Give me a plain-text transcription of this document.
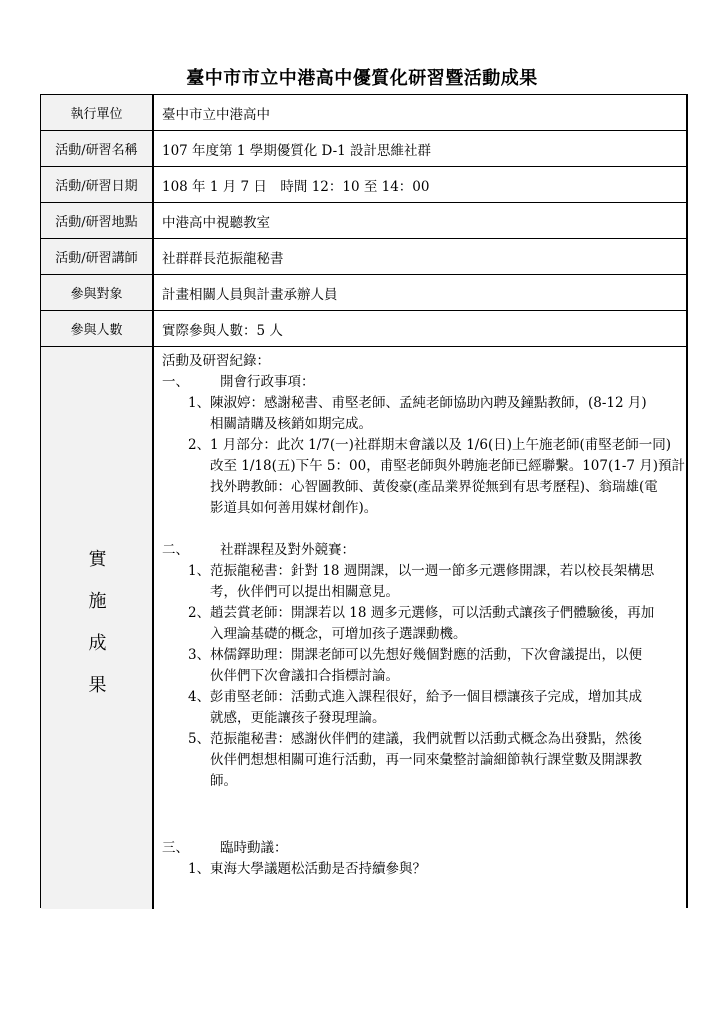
臺中市市立中港高中優質化研習暨活動成果
執行單位	臺中市立中港高中
活動/研習名稱	107 年度第 1 學期優質化 D-1 設計思維社群
活動/研習日期	108 年 1 月 7 日　時間 12：10 至 14：00
活動/研習地點	中港高中視聽教室
活動/研習講師	社群群長范振龍秘書
參與對象	計畫相關人員與計畫承辦人員
參與人數	實際參與人數：5 人
實
施
成
果
活動及研習紀錄：
一、 開會行政事項：
1、 陳淑婷：感謝秘書、甫堅老師、孟純老師協助內聘及鐘點教師，(8-12 月)
相關請購及核銷如期完成。
2、 1 月部分：此次 1/7(一)社群期末會議以及 1/6(日)上午施老師(甫堅老師一同)
改至 1/18(五)下午 5：00，甫堅老師與外聘施老師已經聯繫。107(1-7 月)預計
找外聘教師：心智圖教師、黃俊豪(產品業界從無到有思考歷程)、翁瑞雄(電
影道具如何善用媒材創作)。
二、 社群課程及對外競賽：
1、 范振龍秘書：針對 18 週開課，以一週一節多元選修開課，若以校長架構思
考，伙伴們可以提出相關意見。
2、 趙芸賞老師：開課若以 18 週多元選修，可以活動式讓孩子們體驗後，再加
入理論基礎的概念，可增加孩子選課動機。
3、 林儒鐸助理：開課老師可以先想好幾個對應的活動，下次會議提出，以便
伙伴們下次會議扣合指標討論。
4、 彭甫堅老師：活動式進入課程很好，給予一個目標讓孩子完成，增加其成
就感，更能讓孩子發現理論。
5、 范振龍秘書：感謝伙伴們的建議，我們就暫以活動式概念為出發點，然後
伙伴們想想相關可進行活動，再一同來彙整討論細節執行課堂數及開課教
師。
三、 臨時動議：
1、 東海大學議題松活動是否持續參與？
